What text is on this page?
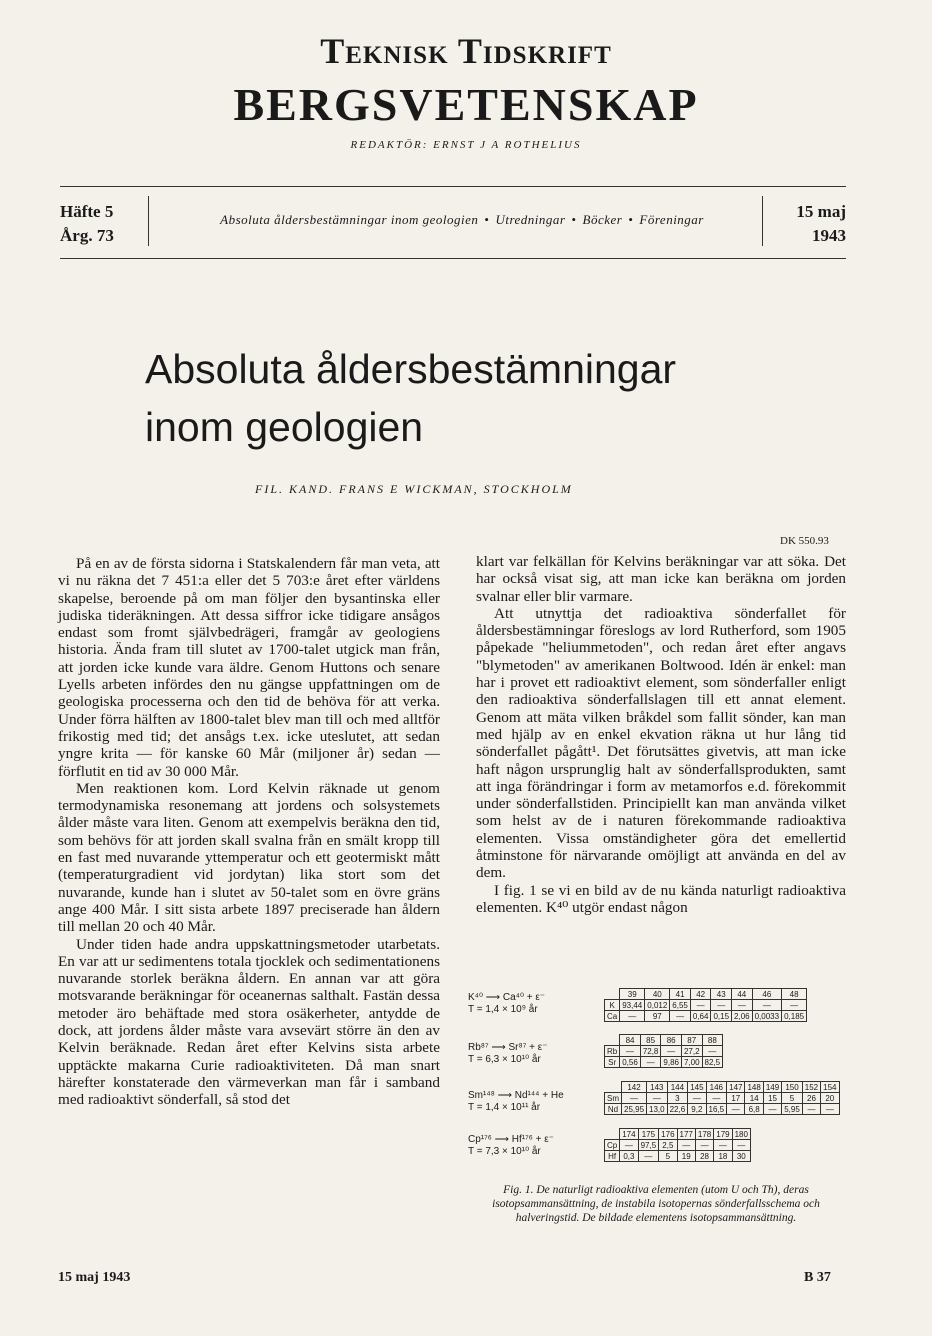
Teknisk Tidskrift
BERGSVETENSKAP
REDAKTÖR: ERNST J A ROTHELIUS
Häfte 5
Årg. 73
Absoluta åldersbestämningar inom geologien • Utredningar • Böcker • Föreningar	15 maj
1943
Absoluta åldersbestämningar
inom geologien
FIL. KAND. FRANS E WICKMAN, STOCKHOLM
DK 550.93

På en av de första sidorna i Statskalendern får man veta, att vi nu räkna det 7 451:a eller det 5 703:e året efter världens skapelse, beroende på om man följer den bysantinska eller judiska tideräkningen. Att dessa siffror icke tidigare ansågos endast som fromt självbedrägeri, framgår av geologiens historia. Ända fram till slutet av 1700-talet utgick man från, att jorden icke kunde vara äldre. Genom Huttons och senare Lyells arbeten infördes den nu gängse uppfattningen om de geologiska processerna och den tid de behöva för att verka. Under förra hälften av 1800-talet blev man till och med alltför frikostig med tid; det ansågs t.ex. icke uteslutet, att sedan yngre krita — för kanske 60 Mår (miljoner år) sedan — förflutit en tid av 30 000 Mår.

Men reaktionen kom. Lord Kelvin räknade ut genom termodynamiska resonemang att jordens och solsystemets ålder måste vara liten. Genom att exempelvis beräkna den tid, som behövs för att jorden skall svalna från en smält kropp till en fast med nuvarande yttemperatur och ett geotermiskt mått (temperaturgradient vid jordytan) lika stort som det nuvarande, kunde han i slutet av 50-talet som en övre gräns ange 400 Mår. I sitt sista arbete 1897 preciserade han åldern till mellan 20 och 40 Mår.

Under tiden hade andra uppskattningsmetoder utarbetats. En var att ur sedimentens totala tjocklek och sedimentationens nuvarande storlek beräkna åldern. En annan var att göra motsvarande beräkningar för oceanernas salthalt. Fastän dessa metoder äro behäftade med stora osäkerheter, antydde de dock, att jordens ålder måste vara avsevärt större än den av Kelvin beräknade. Redan året efter Kelvins sista arbete upptäckte makarna Curie radioaktiviteten. Då man snart härefter konstaterade den värmeverkan man får i samband med radioaktivt sönderfall, så stod det

klart var felkällan för Kelvins beräkningar var att söka. Det har också visat sig, att man icke kan beräkna om jorden svalnar eller blir varmare.

Att utnyttja det radioaktiva sönderfallet för åldersbestämningar föreslogs av lord Rutherford, som 1905 påpekade "heliummetoden", och redan året efter angavs "blymetoden" av amerikanen Boltwood. Idén är enkel: man har i provet ett radioaktivt element, som sönderfaller enligt den radioaktiva sönderfallslagen till ett annat element. Genom att mäta vilken bråkdel som fallit sönder, kan man med hjälp av en enkel ekvation räkna ut hur lång tid sönderfallet pågått¹. Det förutsättes givetvis, att man icke haft någon ursprunglig halt av sönderfallsprodukten, samt att inga förändringar i form av metamorfos e.d. förekommit under sönderfallstiden. Principiellt kan man använda vilket som helst av de i naturen förekommande radioaktiva elementen. Vissa omständigheter göra det emellertid åtminstone för närvarande omöjligt att använda en del av dem.

I fig. 1 se vi en bild av de nu kända naturligt radioaktiva elementen. K⁴⁰ utgör endast någon

K⁴⁰ ⟶ Ca⁴⁰ + ε⁻
T = 1,4 × 10⁹ år
Rb⁸⁷ ⟶ Sr⁸⁷ + ε⁻
T = 6,3 × 10¹⁰ år
Sm¹⁴⁸ ⟶ Nd¹⁴⁴ + He
T = 1,4 × 10¹¹ år
Cp¹⁷⁶ ⟶ Hf¹⁷⁶ + ε⁻
T = 7,3 × 10¹⁰ år
	39	40	41	42	43	44	46	48
K	93,44	0,012	6,55	—	—	—	—	—
Ca	—	97	—	0,64	0,15	2,06	0,0033	0,185
	84	85	86	87	88
Rb	—	72,8	—	27,2	—
Sr	0,56	—	9,86	7,00	82,5
	142	143	144	145	146	147	148	149	150	152	154
Sm	—	—	3	—	—	17	14	15	5	26	20
Nd	25,95	13,0	22,6	9,2	16,5	—	6,8	—	5,95	—	—
	174	175	176	177	178	179	180
Cp	—	97,5	2,5	—	—	—	—
Hf	0,3	—	5	19	28	18	30
Fig. 1. De naturligt radioaktiva elementen (utom U och Th), deras isotopsammansättning, de instabila isotopernas sönderfallsschema och halveringstid. De bildade elementens isotopsammansättning.
15 maj 1943	B 37
